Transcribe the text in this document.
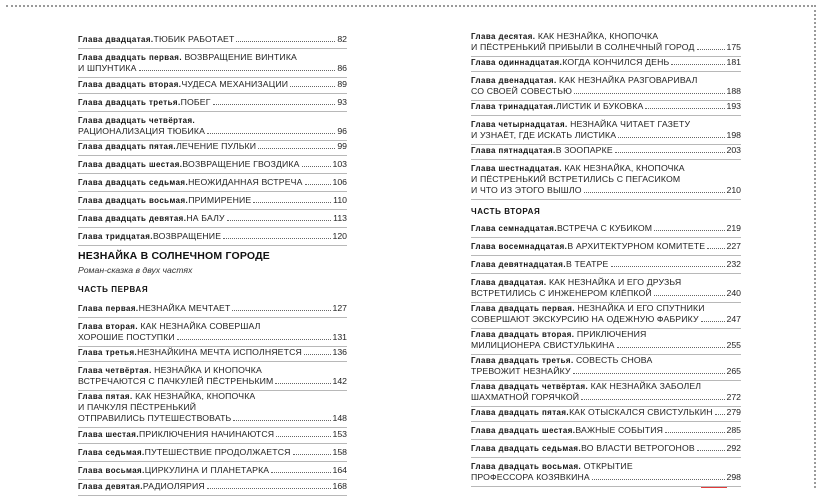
Глава двадцатая. ТЮБИК РАБОТАЕТ	82
Глава двадцать первая. ВОЗВРАЩЕНИЕ ВИНТИКА
И ШПУНТИКА	86
Глава двадцать вторая. ЧУДЕСА МЕХАНИЗАЦИИ	89
Глава двадцать третья. ПОБЕГ	93
Глава двадцать четвёртая.
РАЦИОНАЛИЗАЦИЯ ТЮБИКА	96
Глава двадцать пятая. ЛЕЧЕНИЕ ПУЛЬКИ	99
Глава двадцать шестая. ВОЗВРАЩЕНИЕ ГВОЗДИКА	103
Глава двадцать седьмая. НЕОЖИДАННАЯ ВСТРЕЧА	106
Глава двадцать восьмая. ПРИМИРЕНИЕ	110
Глава двадцать девятая. НА БАЛУ	113
Глава тридцатая. ВОЗВРАЩЕНИЕ	120
НЕЗНАЙКА В СОЛНЕЧНОМ ГОРОДЕ
Роман-сказка в двух частях
ЧАСТЬ ПЕРВАЯ
Глава первая. НЕЗНАЙКА МЕЧТАЕТ	127
Глава вторая. КАК НЕЗНАЙКА СОВЕРШАЛ
ХОРОШИЕ ПОСТУПКИ	131
Глава третья. НЕЗНАЙКИНА МЕЧТА ИСПОЛНЯЕТСЯ	136
Глава четвёртая. НЕЗНАЙКА И КНОПОЧКА
ВСТРЕЧАЮТСЯ С ПАЧКУЛЕЙ ПЁСТРЕНЬКИМ	142
Глава пятая. КАК НЕЗНАЙКА, КНОПОЧКА
И ПАЧКУЛЯ ПЁСТРЕНЬКИЙ
ОТПРАВИЛИСЬ ПУТЕШЕСТВОВАТЬ	148
Глава шестая. ПРИКЛЮЧЕНИЯ НАЧИНАЮТСЯ	153
Глава седьмая. ПУТЕШЕСТВИЕ ПРОДОЛЖАЕТСЯ	158
Глава восьмая. ЦИРКУЛИНА И ПЛАНЕТАРКА	164
Глава девятая. РАДИОЛЯРИЯ	168
Глава десятая. КАК НЕЗНАЙКА, КНОПОЧКА
И ПЁСТРЕНЬКИЙ ПРИБЫЛИ В СОЛНЕЧНЫЙ ГОРОД	175
Глава одиннадцатая. КОГДА КОНЧИЛСЯ ДЕНЬ	181
Глава двенадцатая. КАК НЕЗНАЙКА РАЗГОВАРИВАЛ
СО СВОЕЙ СОВЕСТЬЮ	188
Глава тринадцатая. ЛИСТИК И БУКОВКА	193
Глава четырнадцатая. НЕЗНАЙКА ЧИТАЕТ ГАЗЕТУ
И УЗНАЁТ, ГДЕ ИСКАТЬ ЛИСТИКА	198
Глава пятнадцатая. В ЗООПАРКЕ	203
Глава шестнадцатая. КАК НЕЗНАЙКА, КНОПОЧКА
И ПЁСТРЕНЬКИЙ ВСТРЕТИЛИСЬ С ПЕГАСИКОМ
И ЧТО ИЗ ЭТОГО ВЫШЛО	210
ЧАСТЬ ВТОРАЯ
Глава семнадцатая. ВСТРЕЧА С КУБИКОМ	219
Глава восемнадцатая. В АРХИТЕКТУРНОМ КОМИТЕТЕ 227
Глава девятнадцатая. В ТЕАТРЕ	232
Глава двадцатая. КАК НЕЗНАЙКА И ЕГО ДРУЗЬЯ
ВСТРЕТИЛИСЬ С ИНЖЕНЕРОМ КЛЁПКОЙ	240
Глава двадцать первая. НЕЗНАЙКА И ЕГО СПУТНИКИ
СОВЕРШАЮТ ЭКСКУРСИЮ НА ОДЕЖНУЮ ФАБРИКУ	247
Глава двадцать вторая. ПРИКЛЮЧЕНИЯ
МИЛИЦИОНЕРА СВИСТУЛЬКИНА	255
Глава двадцать третья. СОВЕСТЬ СНОВА
ТРЕВОЖИТ НЕЗНАЙКУ	265
Глава двадцать четвёртая. КАК НЕЗНАЙКА ЗАБОЛЕЛ
ШАХМАТНОЙ ГОРЯЧКОЙ	272
Глава двадцать пятая. КАК ОТЫСКАЛСЯ СВИСТУЛЬКИН 279
Глава двадцать шестая. ВАЖНЫЕ СОБЫТИЯ	285
Глава двадцать седьмая. ВО ВЛАСТИ ВЕТРОГОНОВ	292
Глава двадцать восьмая. ОТКРЫТИЕ
ПРОФЕССОРА КОЗЯВКИНА	298
